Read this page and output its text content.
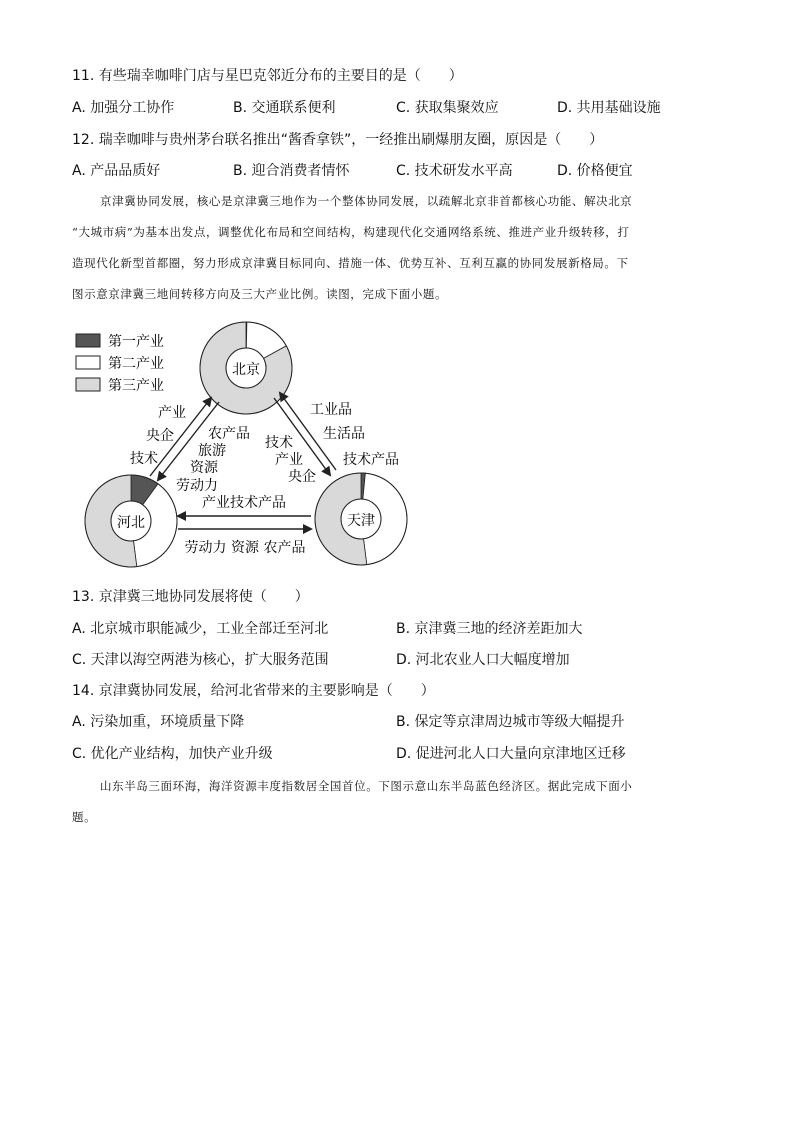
11. 有些瑞幸咖啡门店与星巴克邻近分布的主要目的是（　　）
A. 加强分工协作	B. 交通联系便利	C. 获取集聚效应	D. 共用基础设施
12. 瑞幸咖啡与贵州茅台联名推出“酱香拿铁”，一经推出刷爆朋友圈，原因是（　　）
A. 产品品质好	B. 迎合消费者情怀	C. 技术研发水平高	D. 价格便宜
京津冀协同发展，核心是京津冀三地作为一个整体协同发展，以疏解北京非首都核心功能、解决北京
“大城市病”为基本出发点，调整优化布局和空间结构，构建现代化交通网络系统、推进产业升级转移，打
造现代化新型首都圈，努力形成京津冀目标同向、措施一体、优势互补、互利互赢的协同发展新格局。下
图示意京津冀三地间转移方向及三大产业比例。读图，完成下面小题。
第一产业
第二产业
第三产业
北京
河北	天津
产业
央企
技术
农产品
旅游
资源
劳动力
技术
产业
央企
工业品
生活品
技术产品
产业技术产品
劳动力 资源 农产品
13. 京津冀三地协同发展将使（　　）
A. 北京城市职能减少，工业全部迁至河北	B. 京津冀三地的经济差距加大
C. 天津以海空两港为核心，扩大服务范围	D. 河北农业人口大幅度增加
14. 京津冀协同发展，给河北省带来的主要影响是（　　）
A. 污染加重，环境质量下降	B. 保定等京津周边城市等级大幅提升
C. 优化产业结构，加快产业升级	D. 促进河北人口大量向京津地区迁移
山东半岛三面环海，海洋资源丰度指数居全国首位。下图示意山东半岛蓝色经济区。据此完成下面小
题。
